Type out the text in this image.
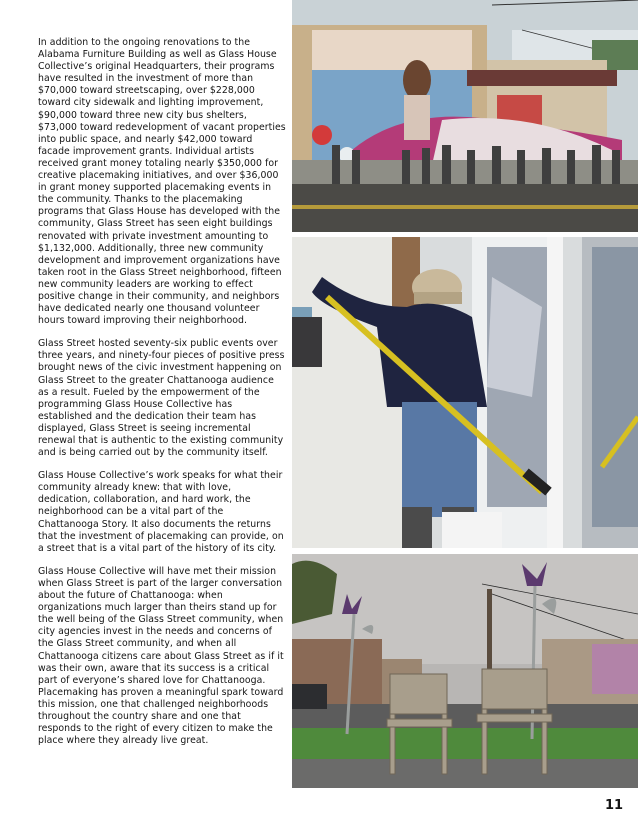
In addition to the ongoing renovations to the Alabama Furniture Building as well as Glass House Collective’s original Headquarters, their programs have resulted in the investment of more than $70,000 toward streetscaping, over $228,000 toward city sidewalk and lighting improvement, $90,000 toward three new city bus shelters, $73,000 toward redevelopment of vacant properties into public space, and nearly $42,000 toward facade improvement grants. Individual artists received grant money totaling nearly $350,000 for creative placemaking initiatives, and over $36,000 in grant money supported placemaking events in the community. Thanks to the placemaking programs that Glass House has developed with the community, Glass Street has seen eight buildings renovated with private investment amounting to $1,132,000. Additionally, three new community development and improvement organizations have taken root in the Glass Street neighborhood, fifteen new community leaders are working to effect positive change in their community, and neighbors have dedicated nearly one thousand volunteer hours toward improving their neighborhood.

Glass Street hosted seventy-six public events over three years, and ninety-four pieces of positive press brought news of the civic investment happening on Glass Street to the greater Chattanooga audience as a result. Fueled by the empowerment of the programming Glass House Collective has established and the dedication their team has displayed, Glass Street is seeing incremental renewal that is authentic to the existing community and is being carried out by the community itself.

Glass House Collective’s work speaks for what their community already knew: that with love, dedication, collaboration, and hard work, the neighborhood can be a vital part of the Chattanooga Story. It also documents the returns that the investment of placemaking can provide, on a street that is a vital part of the history of its city.

Glass House Collective will have met their mission when Glass Street is part of the larger conversation about the future of Chattanooga: when organizations much larger than theirs stand up for the well being of the Glass Street community, when city agencies invest in the needs and concerns of the Glass Street community, and when all Chattanooga citizens care about Glass Street as if it was their own, aware that its success is a critical part of everyone’s shared love for Chattanooga. Placemaking has proven a meaningful spark toward this mission, one that challenged neighborhoods throughout the country share and one that responds to the right of every citizen to make the place where they already live great.

11
